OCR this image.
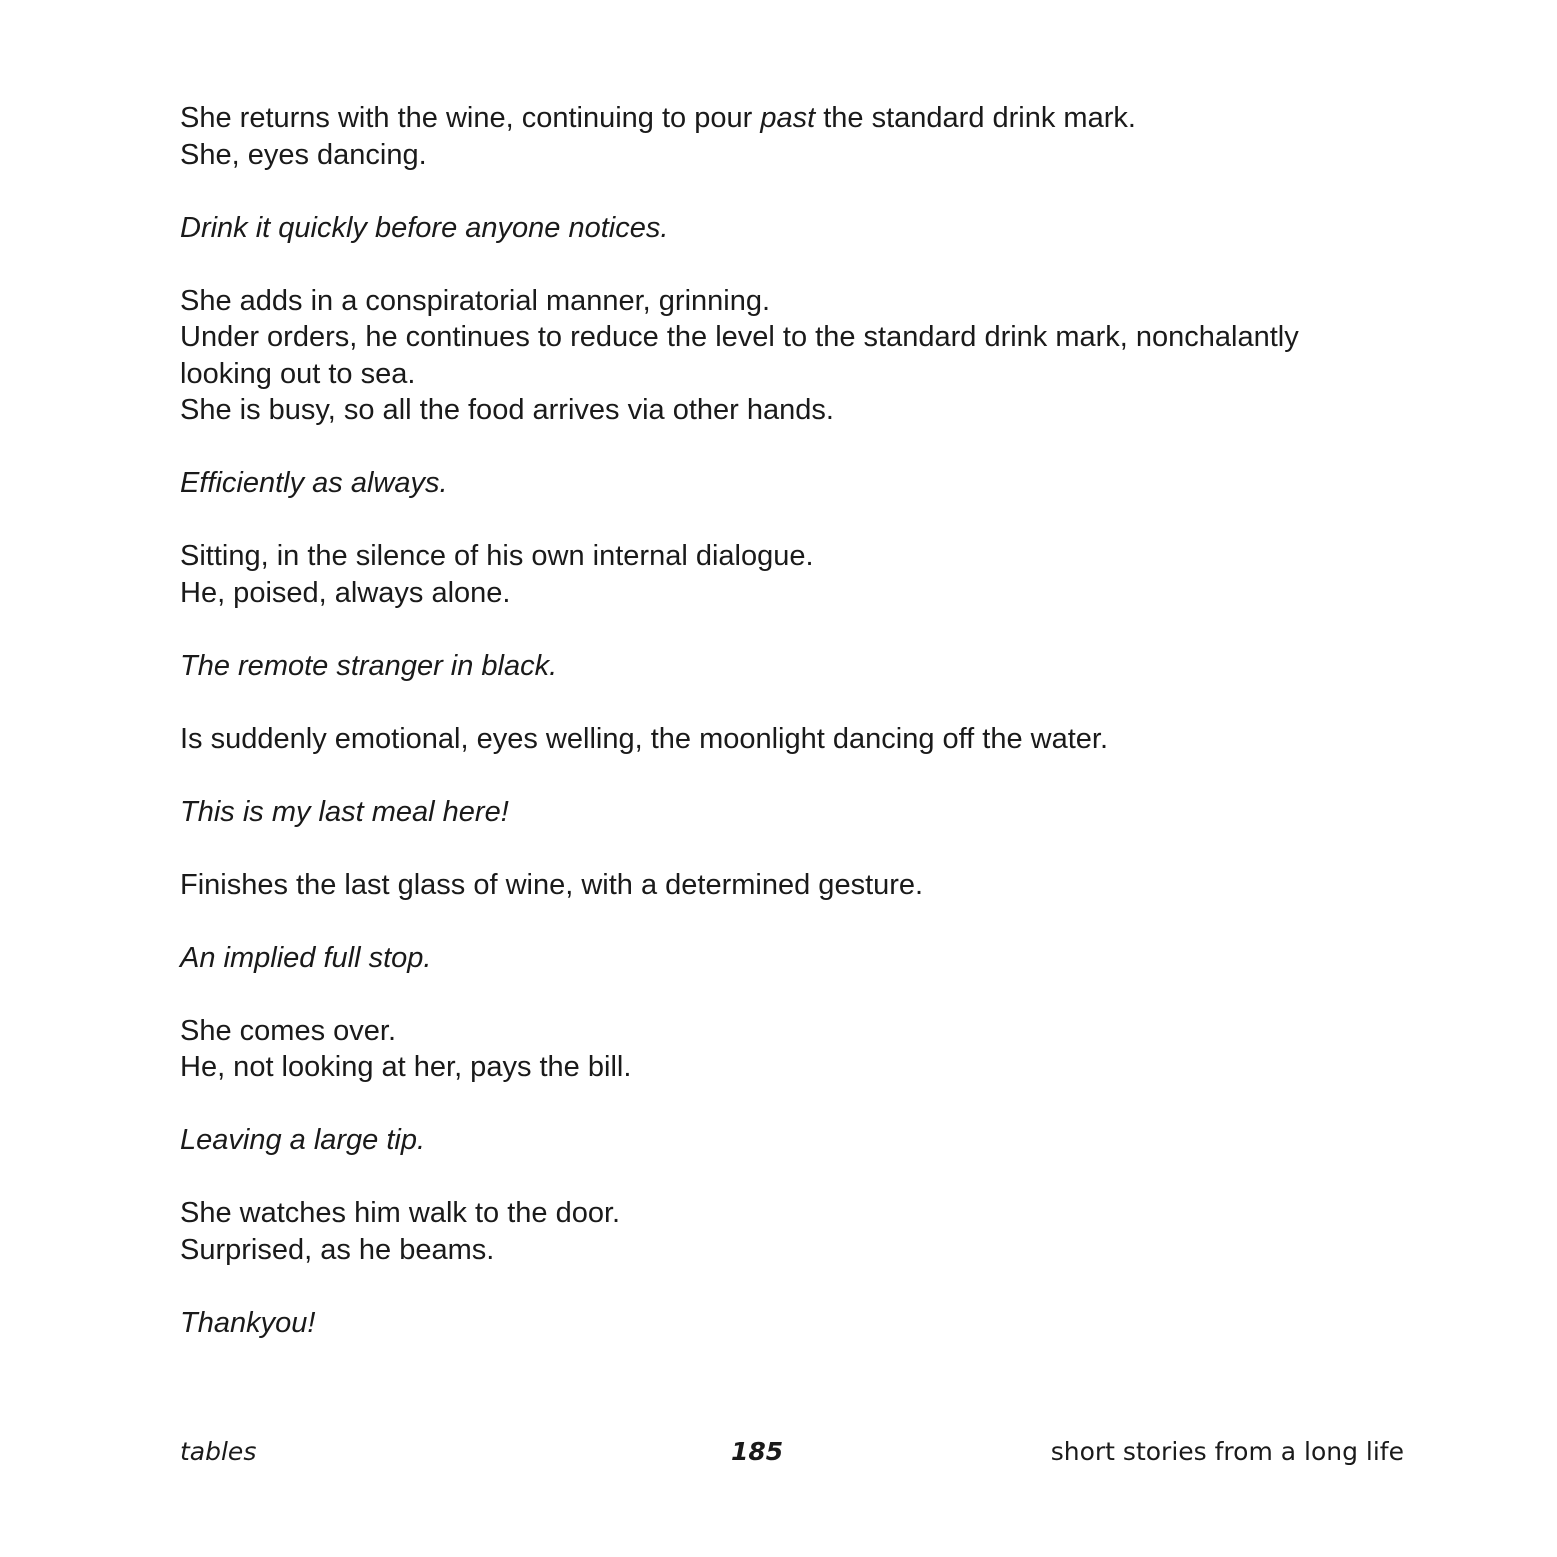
She returns with the wine, continuing to pour past the standard drink mark.
She, eyes dancing.
Drink it quickly before anyone notices.
She adds in a conspiratorial manner, grinning.
Under orders, he continues to reduce the level to the standard drink mark, nonchalantly
looking out to sea.
She is busy, so all the food arrives via other hands.
Efficiently as always.
Sitting, in the silence of his own internal dialogue.
He, poised, always alone.
The remote stranger in black.
Is suddenly emotional, eyes welling, the moonlight dancing off the water.
This is my last meal here!
Finishes the last glass of wine, with a determined gesture.
An implied full stop.
She comes over.
He, not looking at her, pays the bill.
Leaving a large tip.
She watches him walk to the door.
Surprised, as he beams.
Thankyou!
tables	185	short stories from a long life
